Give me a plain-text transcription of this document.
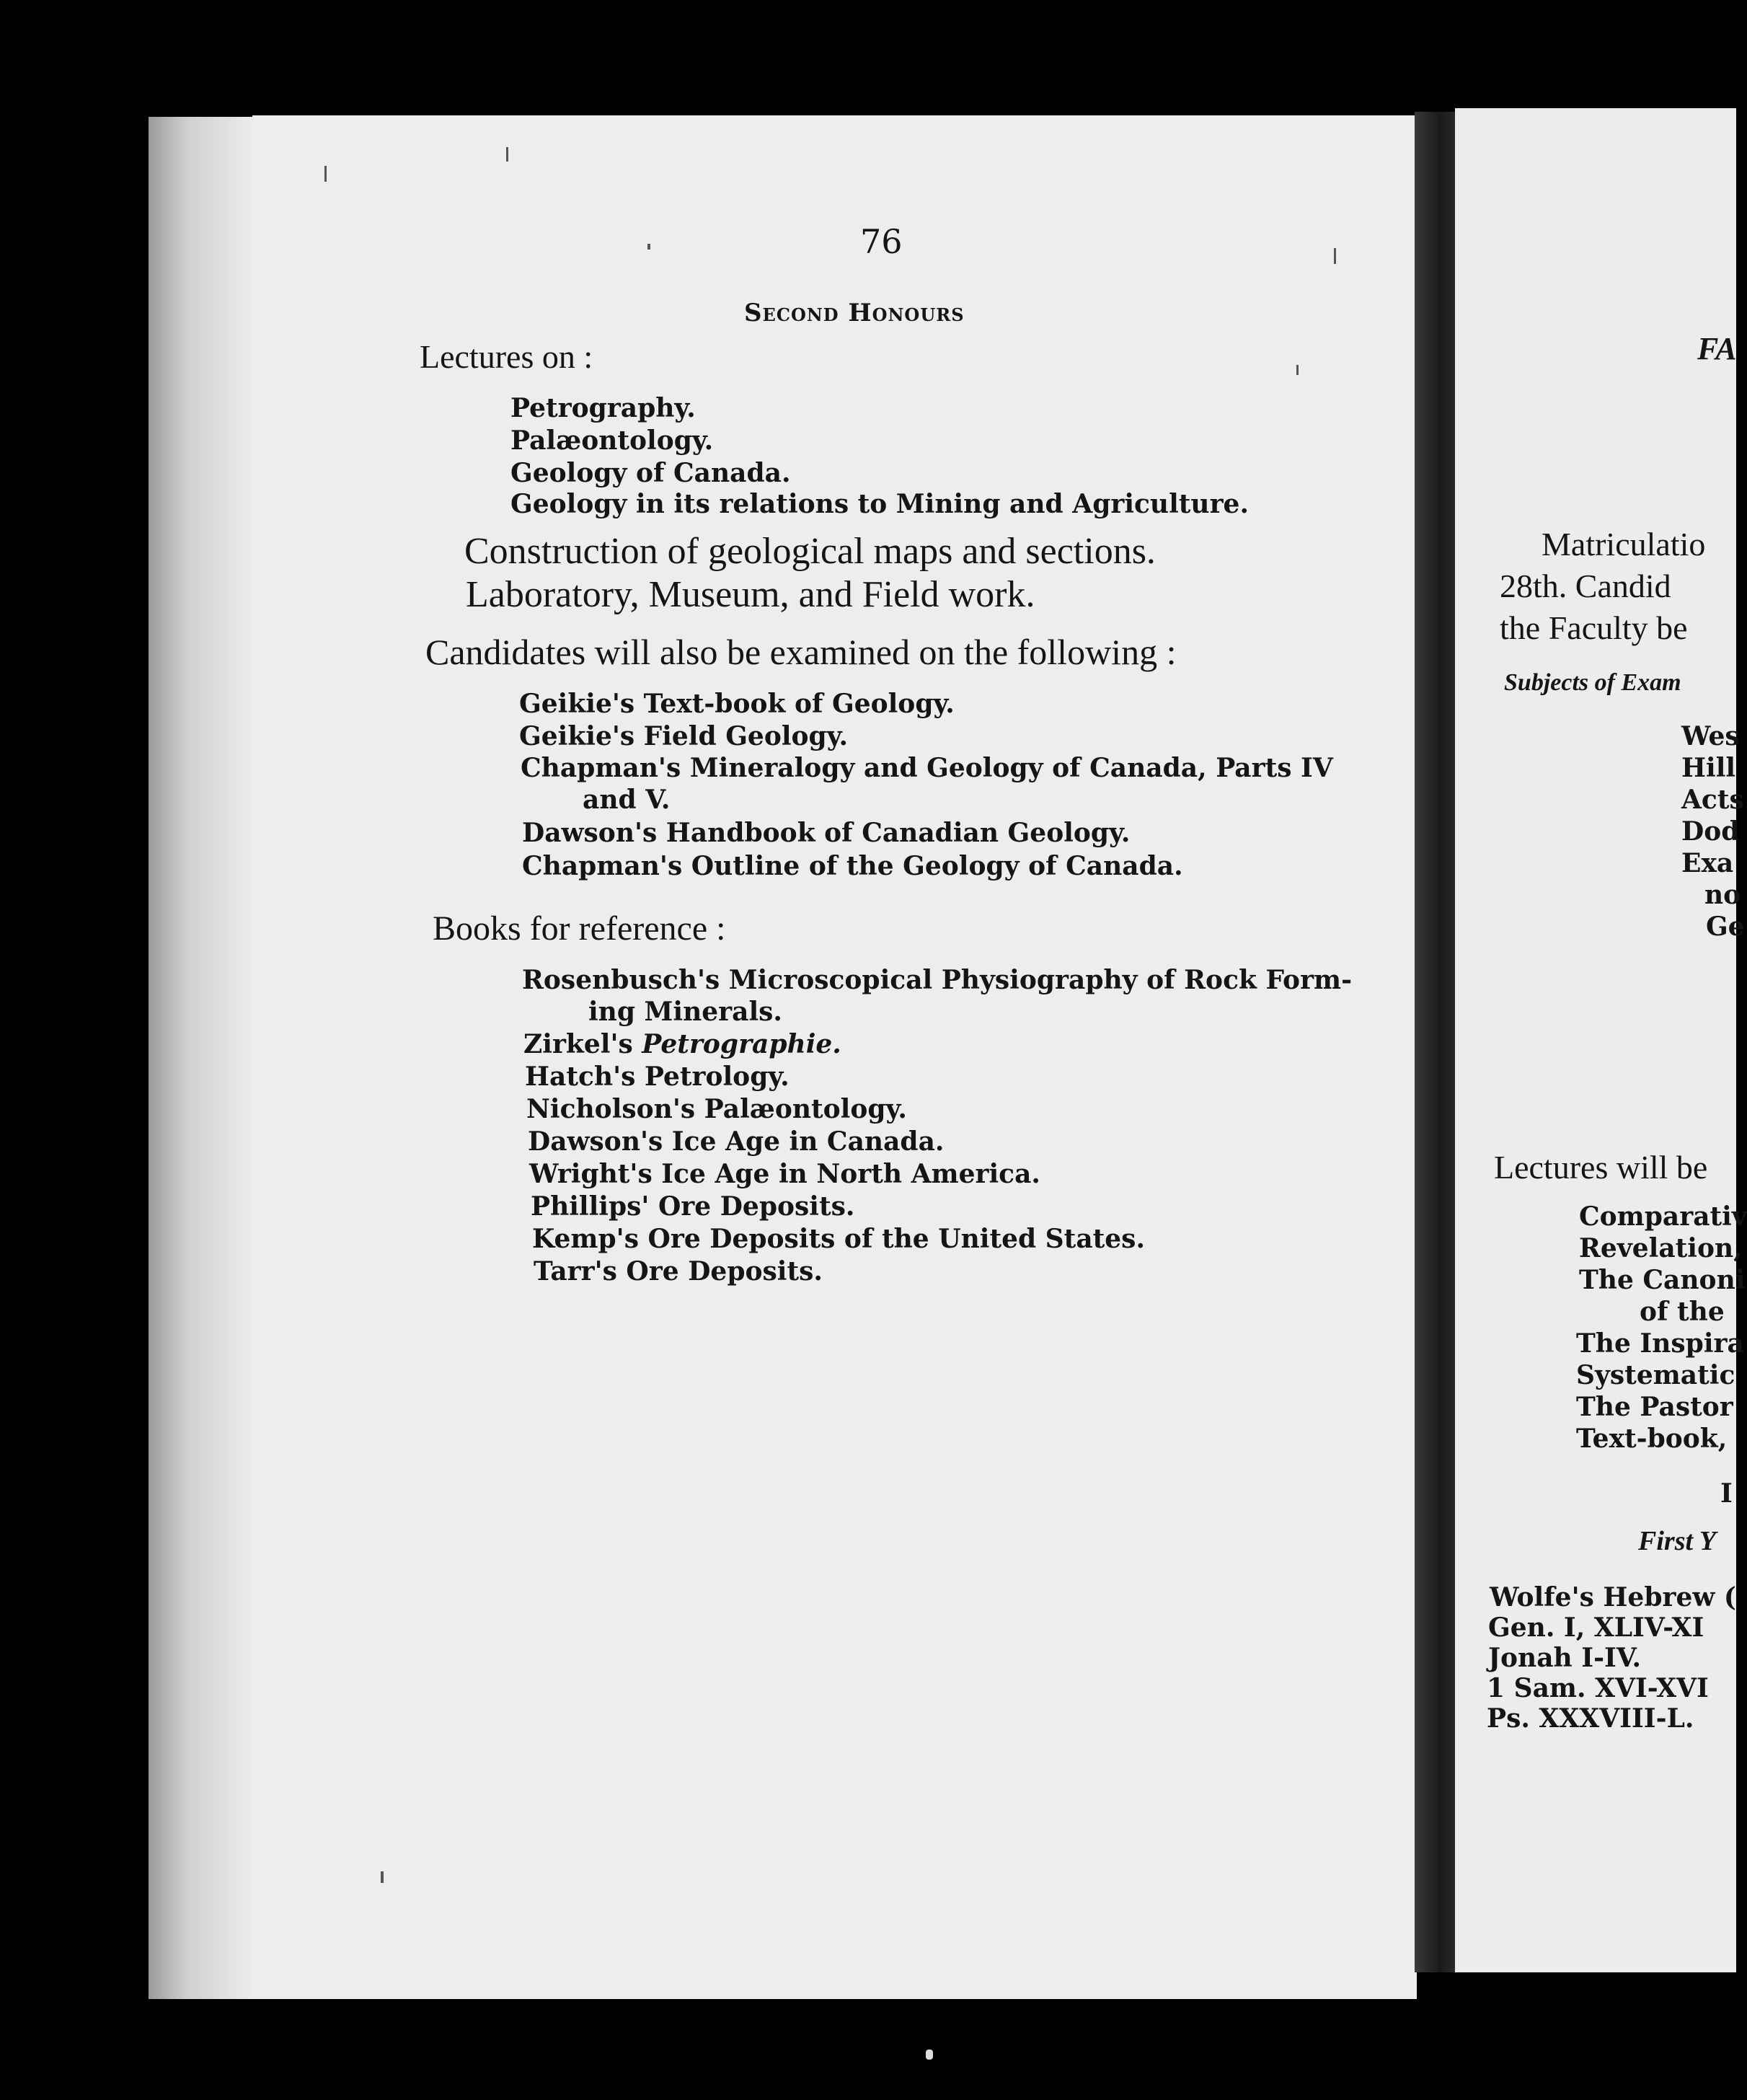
76
Second Honours
Lectures on :
Petrography.
Palæontology.
Geology of Canada.
Geology in its relations to Mining and Agriculture.
Construction of geological maps and sections.
Laboratory, Museum, and Field work.
Candidates will also be examined on the following :
Geikie's Text-book of Geology.
Geikie's Field Geology.
Chapman's Mineralogy and Geology of Canada, Parts IV
and V.
Dawson's Handbook of Canadian Geology.
Chapman's Outline of the Geology of Canada.
Books for reference :
Rosenbusch's Microscopical Physiography of Rock Form-
ing Minerals.
Zirkel's Petrographie.
Hatch's Petrology.
Nicholson's Palæontology.
Dawson's Ice Age in Canada.
Wright's Ice Age in North America.
Phillips' Ore Deposits.
Kemp's Ore Deposits of the United States.
Tarr's Ore Deposits.
FA
Matriculatio
28th. Candid
the Faculty be
Subjects of Exam
Wes
Hill
Acts
Dod
Exa
no
Ge
Lectures will be
Comparativ
Revelation,
The Canoni
of the
The Inspira
Systematic
The Pastor
Text-book,
I
First Y
Wolfe's Hebrew (
Gen. I, XLIV-XI
Jonah I-IV.
1 Sam. XVI-XVI
Ps. XXXVIII-L.
